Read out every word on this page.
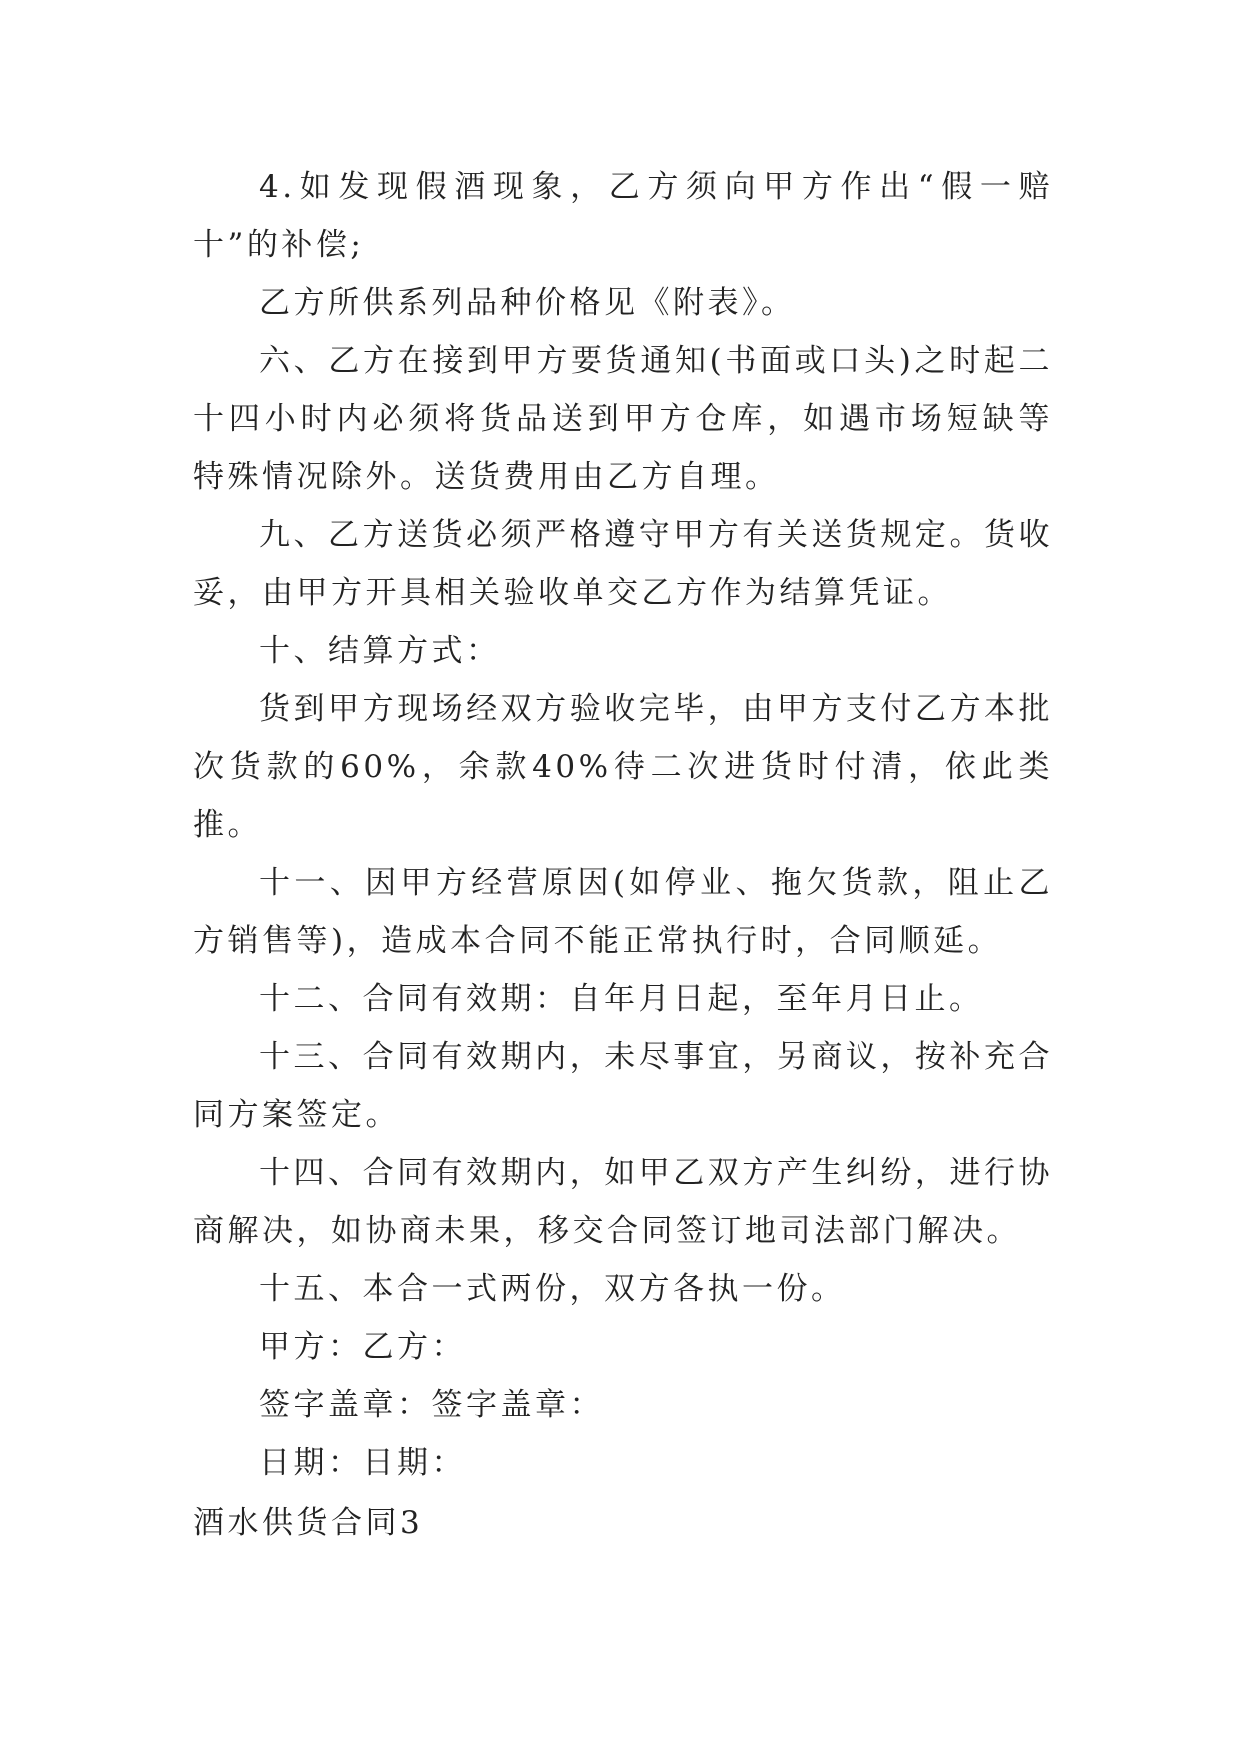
4.如发现假酒现象，乙方须向甲方作出“假一赔十”的补偿;

乙方所供系列品种价格见《附表》。

六、乙方在接到甲方要货通知(书面或口头)之时起二十四小时内必须将货品送到甲方仓库，如遇市场短缺等特殊情况除外。送货费用由乙方自理。

九、乙方送货必须严格遵守甲方有关送货规定。货收妥，由甲方开具相关验收单交乙方作为结算凭证。

十、结算方式：

货到甲方现场经双方验收完毕，由甲方支付乙方本批次货款的60%，余款40%待二次进货时付清，依此类推。

十一、因甲方经营原因(如停业、拖欠货款，阻止乙方销售等)，造成本合同不能正常执行时，合同顺延。

十二、合同有效期：自年月日起，至年月日止。

十三、合同有效期内，未尽事宜，另商议，按补充合同方案签定。

十四、合同有效期内，如甲乙双方产生纠纷，进行协商解决，如协商未果，移交合同签订地司法部门解决。

十五、本合一式两份，双方各执一份。

甲方：乙方：

签字盖章：签字盖章：

日期：日期：

酒水供货合同3
